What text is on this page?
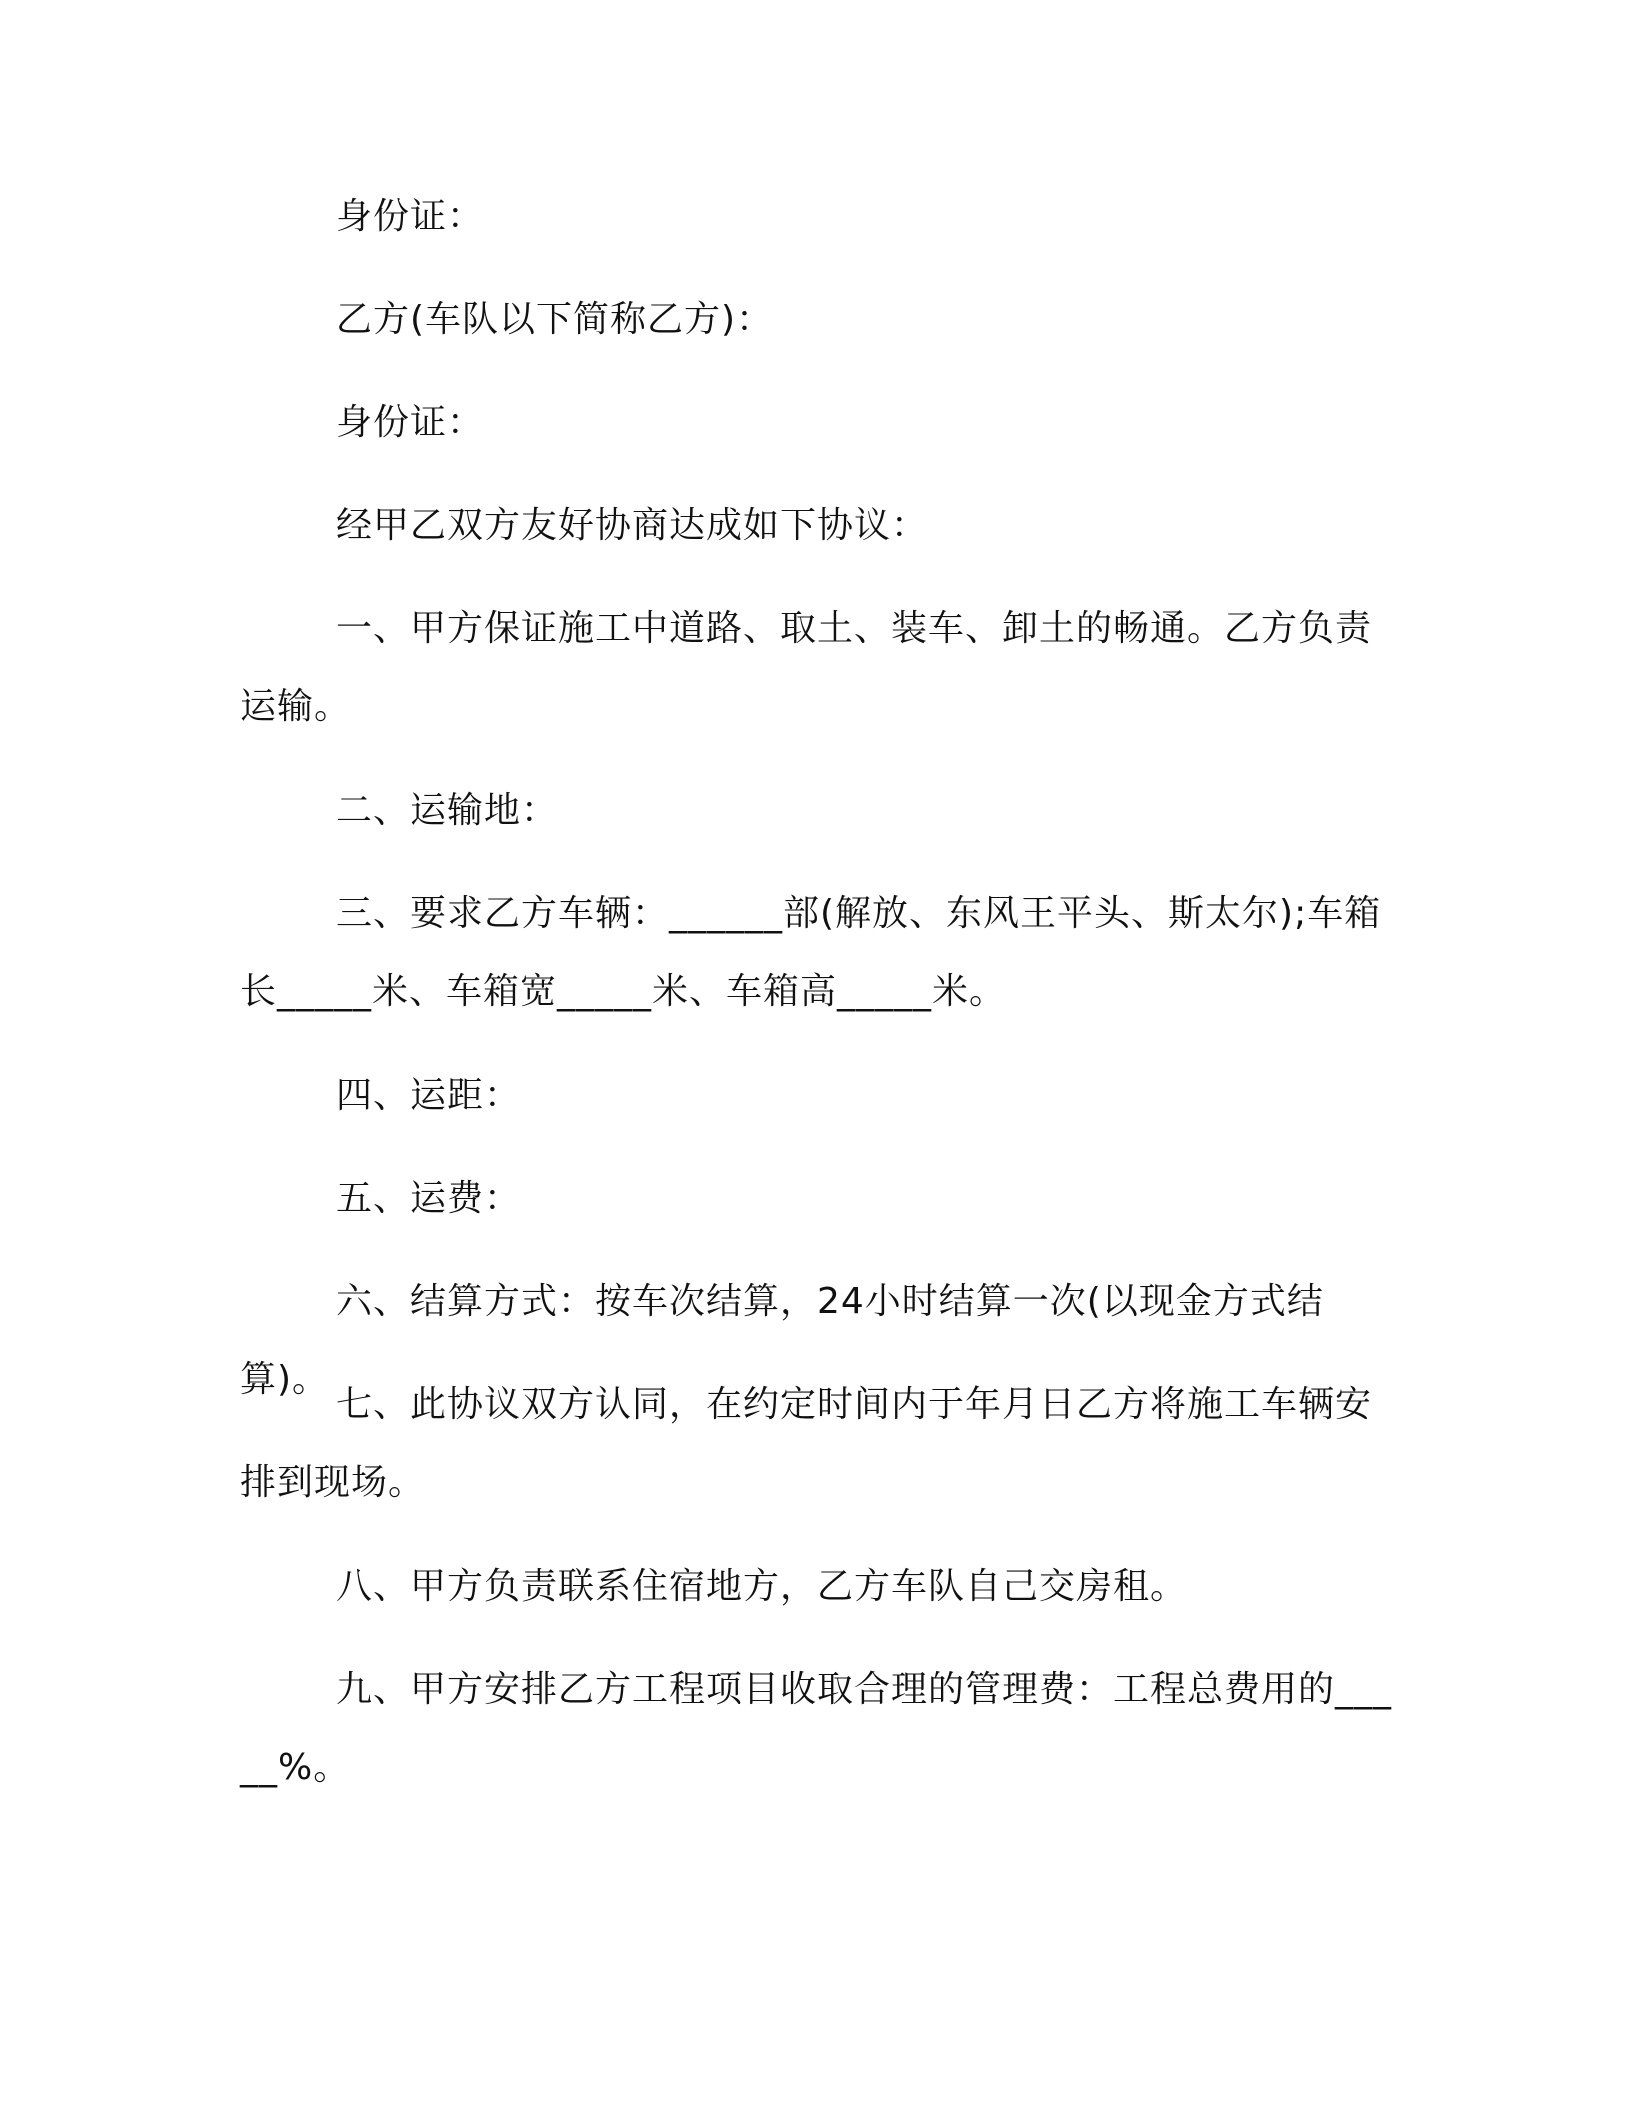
身份证：

乙方(车队以下简称乙方)：

身份证：

经甲乙双方友好协商达成如下协议：

一、甲方保证施工中道路、取土、装车、卸土的畅通。乙方负责运输。

二、运输地：

三、要求乙方车辆：______部(解放、东风王平头、斯太尔);车箱长_____米、车箱宽_____米、车箱高_____米。

四、运距：

五、运费：

六、结算方式：按车次结算，24小时结算一次(以现金方式结算)。

七、此协议双方认同，在约定时间内于年月日乙方将施工车辆安排到现场。

八、甲方负责联系住宿地方，乙方车队自己交房租。

九、甲方安排乙方工程项目收取合理的管理费：工程总费用的_____%。
